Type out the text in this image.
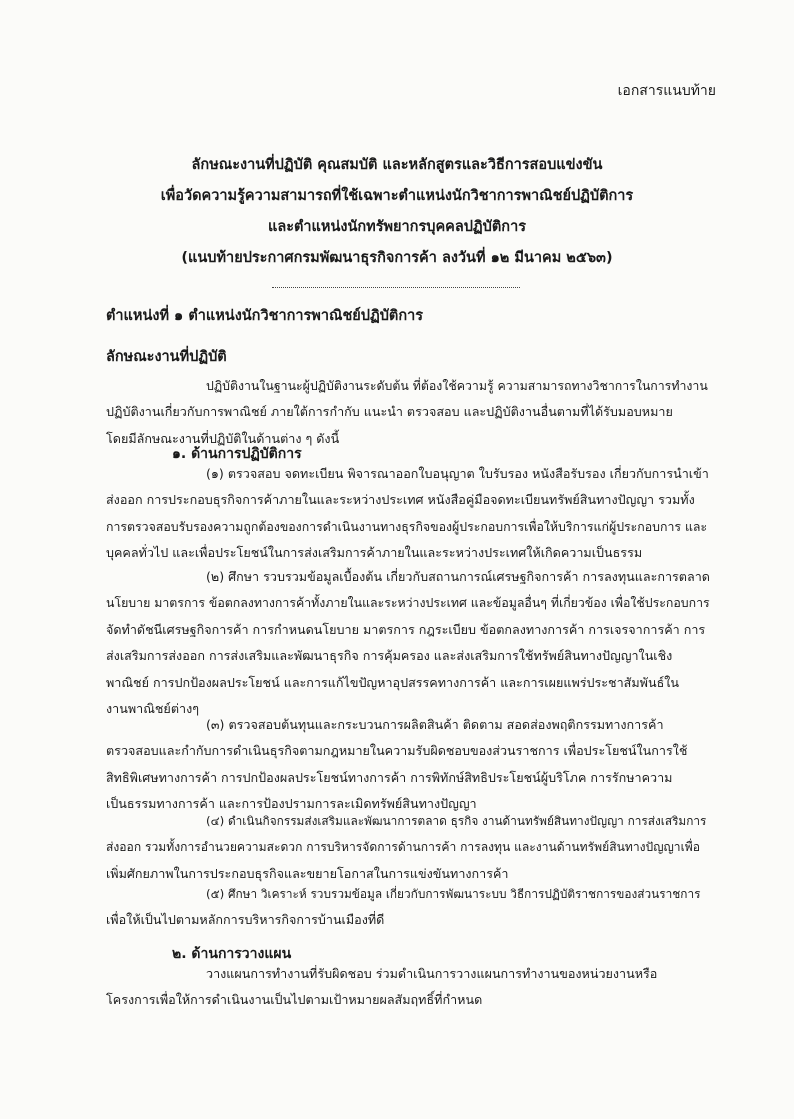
เอกสารแนบท้าย
ลักษณะงานที่ปฏิบัติ คุณสมบัติ และหลักสูตรและวิธีการสอบแข่งขัน
เพื่อวัดความรู้ความสามารถที่ใช้เฉพาะตำแหน่งนักวิชาการพาณิชย์ปฏิบัติการ
และตำแหน่งนักทรัพยากรบุคคลปฏิบัติการ
(แนบท้ายประกาศกรมพัฒนาธุรกิจการค้า ลงวันที่ ๑๒ มีนาคม ๒๕๖๓)
ตำแหน่งที่ ๑ ตำแหน่งนักวิชาการพาณิชย์ปฏิบัติการ
ลักษณะงานที่ปฏิบัติ
ปฏิบัติงานในฐานะผู้ปฏิบัติงานระดับต้น ที่ต้องใช้ความรู้ ความสามารถทางวิชาการในการทำงาน
ปฏิบัติงานเกี่ยวกับการพาณิชย์ ภายใต้การกำกับ แนะนำ ตรวจสอบ และปฏิบัติงานอื่นตามที่ได้รับมอบหมาย
โดยมีลักษณะงานที่ปฏิบัติในด้านต่าง ๆ ดังนี้
๑. ด้านการปฏิบัติการ
(๑) ตรวจสอบ จดทะเบียน พิจารณาออกใบอนุญาต ใบรับรอง หนังสือรับรอง เกี่ยวกับการนำเข้า
ส่งออก การประกอบธุรกิจการค้าภายในและระหว่างประเทศ หนังสือคู่มือจดทะเบียนทรัพย์สินทางปัญญา รวมทั้ง
การตรวจสอบรับรองความถูกต้องของการดำเนินงานทางธุรกิจของผู้ประกอบการเพื่อให้บริการแก่ผู้ประกอบการ และ
บุคคลทั่วไป และเพื่อประโยชน์ในการส่งเสริมการค้าภายในและระหว่างประเทศให้เกิดความเป็นธรรม
(๒) ศึกษา รวบรวมข้อมูลเบื้องต้น เกี่ยวกับสถานการณ์เศรษฐกิจการค้า การลงทุนและการตลาด
นโยบาย มาตรการ ข้อตกลงทางการค้าทั้งภายในและระหว่างประเทศ และข้อมูลอื่นๆ ที่เกี่ยวข้อง เพื่อใช้ประกอบการ
จัดทำดัชนีเศรษฐกิจการค้า การกำหนดนโยบาย มาตรการ กฎระเบียบ ข้อตกลงทางการค้า การเจรจาการค้า การ
ส่งเสริมการส่งออก การส่งเสริมและพัฒนาธุรกิจ การคุ้มครอง และส่งเสริมการใช้ทรัพย์สินทางปัญญาในเชิง
พาณิชย์ การปกป้องผลประโยชน์ และการแก้ไขปัญหาอุปสรรคทางการค้า และการเผยแพร่ประชาสัมพันธ์ใน
งานพาณิชย์ต่างๆ
(๓) ตรวจสอบต้นทุนและกระบวนการผลิตสินค้า ติดตาม สอดส่องพฤติกรรมทางการค้า
ตรวจสอบและกำกับการดำเนินธุรกิจตามกฎหมายในความรับผิดชอบของส่วนราชการ เพื่อประโยชน์ในการใช้
สิทธิพิเศษทางการค้า การปกป้องผลประโยชน์ทางการค้า การพิทักษ์สิทธิประโยชน์ผู้บริโภค การรักษาความ
เป็นธรรมทางการค้า และการป้องปรามการละเมิดทรัพย์สินทางปัญญา
(๔) ดำเนินกิจกรรมส่งเสริมและพัฒนาการตลาด ธุรกิจ งานด้านทรัพย์สินทางปัญญา การส่งเสริมการ
ส่งออก รวมทั้งการอำนวยความสะดวก การบริหารจัดการด้านการค้า การลงทุน และงานด้านทรัพย์สินทางปัญญาเพื่อ
เพิ่มศักยภาพในการประกอบธุรกิจและขยายโอกาสในการแข่งขันทางการค้า
(๕) ศึกษา วิเคราะห์ รวบรวมข้อมูล เกี่ยวกับการพัฒนาระบบ วิธีการปฏิบัติราชการของส่วนราชการ
เพื่อให้เป็นไปตามหลักการบริหารกิจการบ้านเมืองที่ดี
๒. ด้านการวางแผน
วางแผนการทำงานที่รับผิดชอบ ร่วมดำเนินการวางแผนการทำงานของหน่วยงานหรือ
โครงการเพื่อให้การดำเนินงานเป็นไปตามเป้าหมายผลสัมฤทธิ์ที่กำหนด
